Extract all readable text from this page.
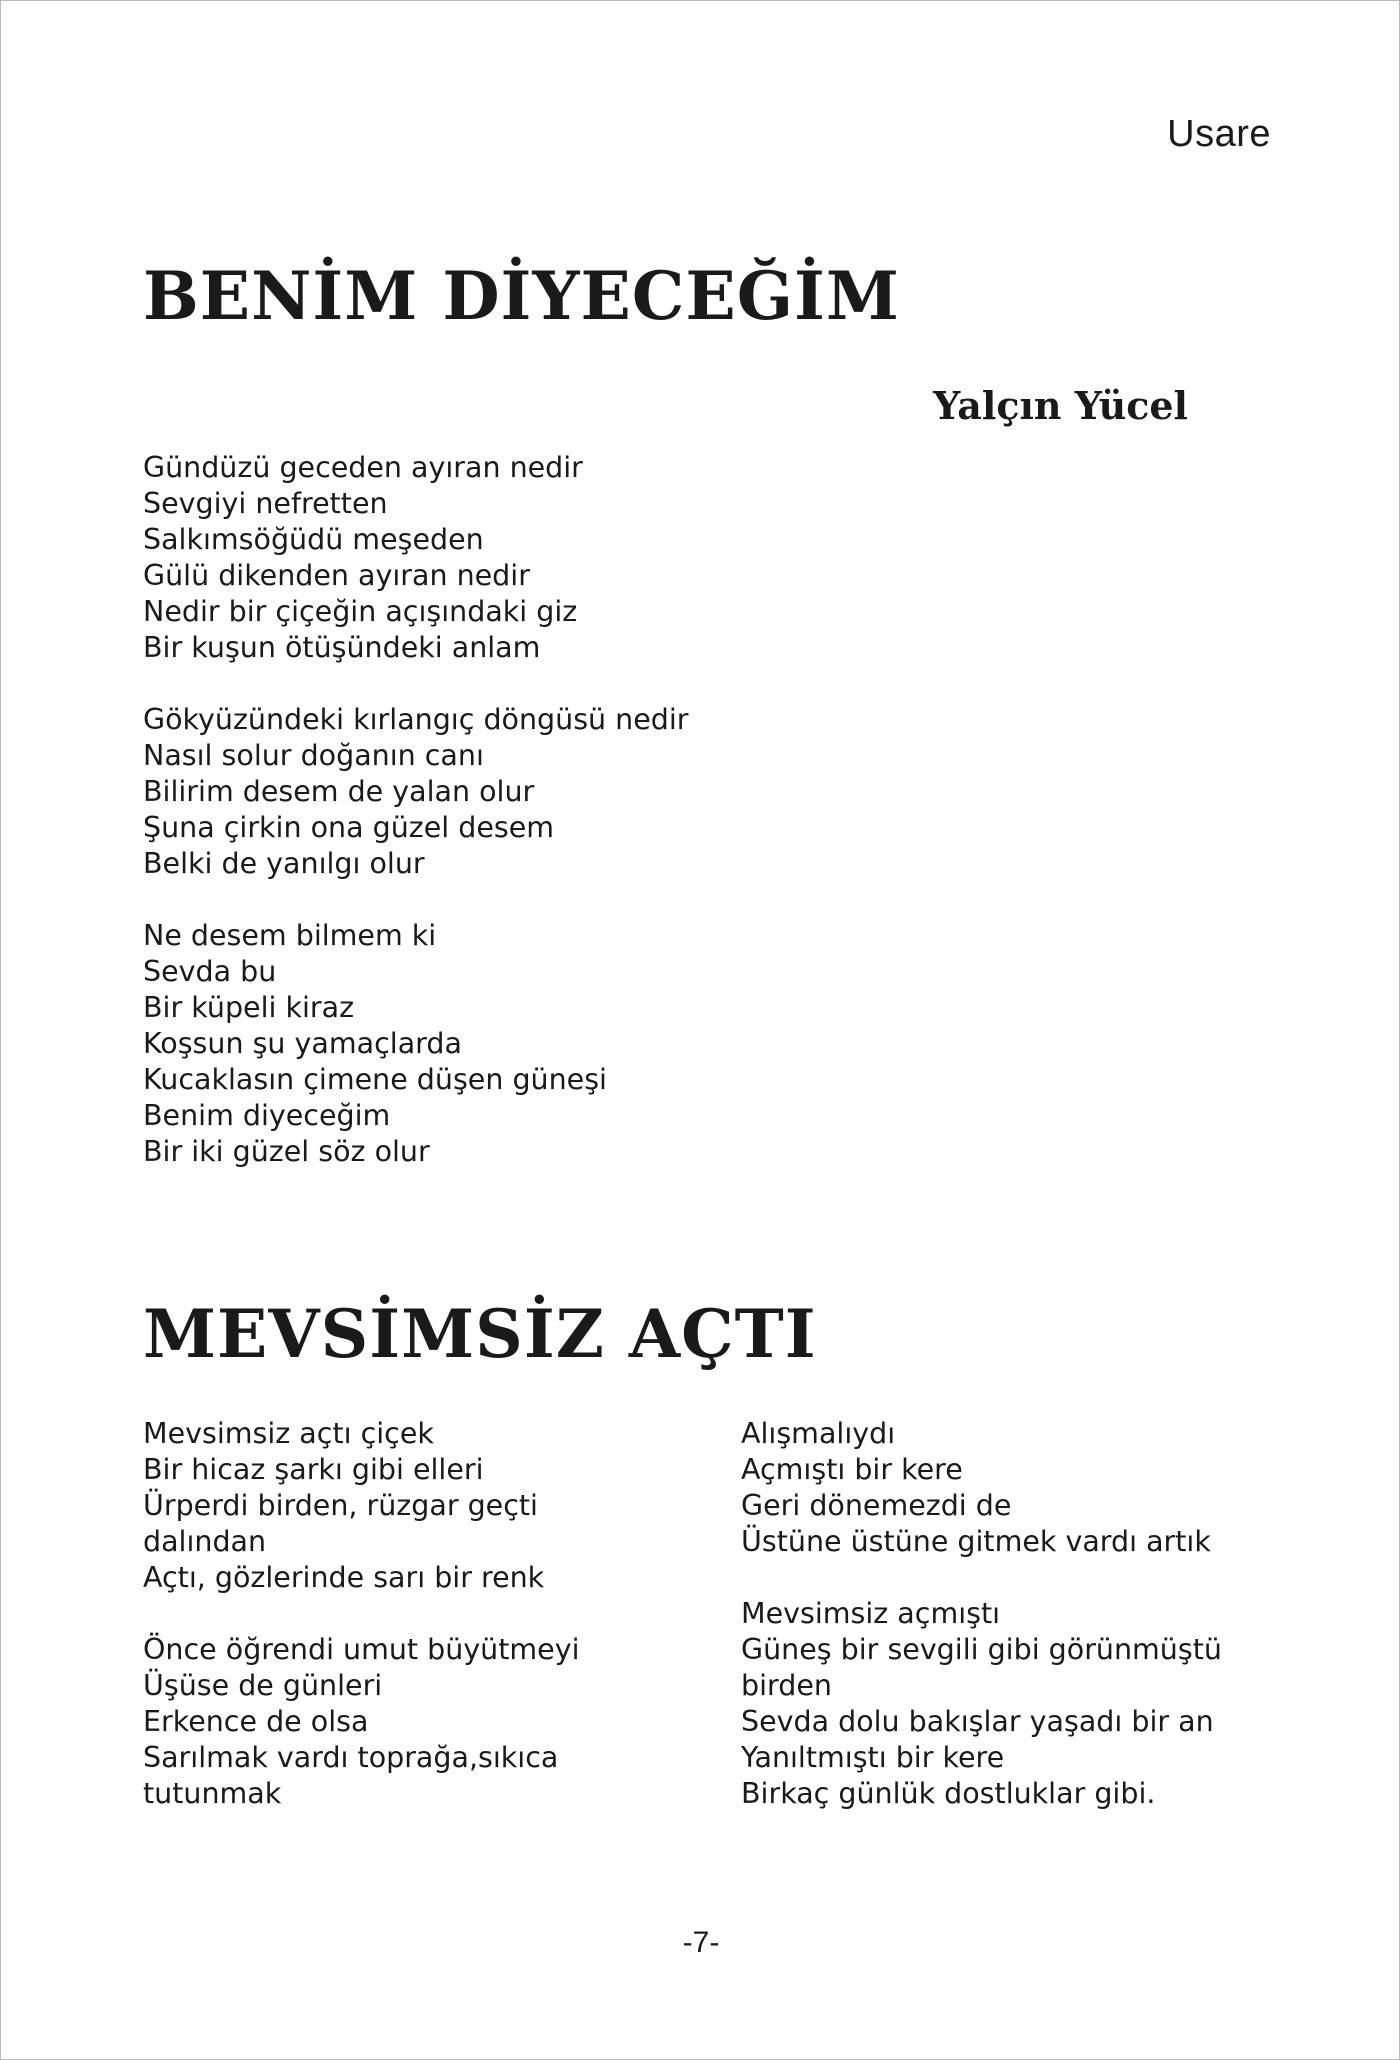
Usare
BENİM DİYECEĞİM
Yalçın Yücel
Gündüzü geceden ayıran nedir
Sevgiyi nefretten
Salkımsöğüdü meşeden
Gülü dikenden ayıran nedir
Nedir bir çiçeğin açışındaki giz
Bir kuşun ötüşündeki anlam
Gökyüzündeki kırlangıç döngüsü nedir
Nasıl solur doğanın canı
Bilirim desem de yalan olur
Şuna çirkin ona güzel desem
Belki de yanılgı olur
Ne desem bilmem ki
Sevda bu
Bir küpeli kiraz
Koşsun şu yamaçlarda
Kucaklasın çimene düşen güneşi
Benim diyeceğim
Bir iki güzel söz olur
MEVSİMSİZ AÇTI
Mevsimsiz açtı çiçek
Bir hicaz şarkı gibi elleri
Ürperdi birden, rüzgar geçti
dalından
Açtı, gözlerinde sarı bir renk
Önce öğrendi umut büyütmeyi
Üşüse de günleri
Erkence de olsa
Sarılmak vardı toprağa,sıkıca
tutunmak
Alışmalıydı
Açmıştı bir kere
Geri dönemezdi de
Üstüne üstüne gitmek vardı artık
Mevsimsiz açmıştı
Güneş bir sevgili gibi görünmüştü
birden
Sevda dolu bakışlar yaşadı bir an
Yanıltmıştı bir kere
Birkaç günlük dostluklar gibi.
-7-
